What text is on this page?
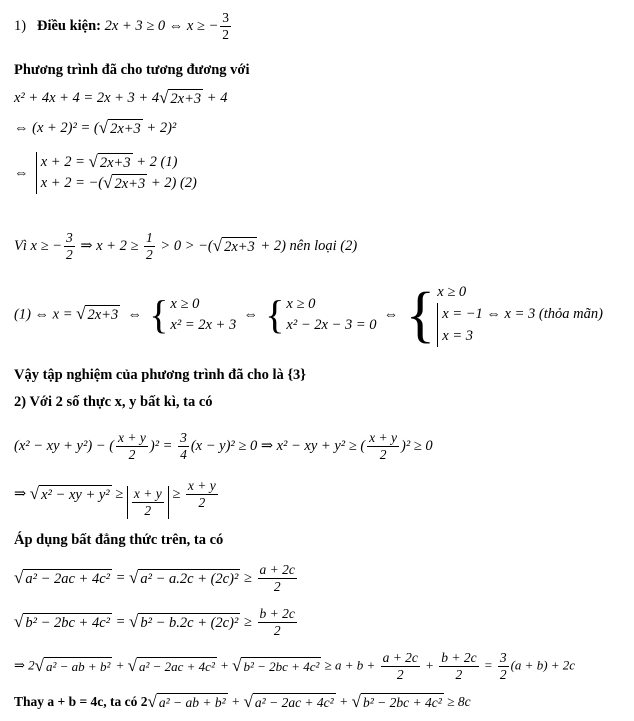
1) Điều kiện: 2x + 3 ≥ 0 ⇔ x ≥ − $\frac{3}{2}$
Phương trình đã cho tương đương với
x² + 4x + 4 = 2x + 3 + 4 √ 2x+3 + 4
⇔ (x + 2)² = ( √ 2x+3 + 2)²
⇔
x + 2 = √ 2x+3 + 2 (1)
x + 2 = −( √ 2x+3 + 2) (2)
Vì x ≥ − $\frac{3}{2}$ ⇒ $x + 2 \ge \frac{1}{2} > 0$ > −( √ 2x+3 + 2) nên loại (2)
(1) ⇔ x = √ 2x+3 ⇔ { x ≥ 0
x² = 2x + 3
⇔ { x ≥ 0
x² − 2x − 3 = 0
⇔ { x ≥ 0
x = −1 ⇔ x = 3 (thỏa mãn)
x = 3
Vậy tập nghiệm của phương trình đã cho là {3}
2) Với 2 số thực x, y bất kì, ta có
(x² − xy + y²) − ( $\frac{x + y}{2} )^2 = \frac{3}{4} (x - y)^2 \ge 0$ ⇒ x² − xy + y² ≥ ( $\frac{x + y}{2} )^2 \ge 0$
⇒ √ x² − xy + $y^2 \ge \frac{x + y}{2} \ge \frac{x + y}{2}$
Áp dụng bất đẳng thức trên, ta có
√ a² − 2ac + 4c² = √ $a^2 - a.2c + (2c)^2 \ge \frac{a + 2c}{2}$
√ b² − 2bc + 4c² = √ $b^2 - b.2c + (2c)^2 \ge \frac{b + 2c}{2}$
⇒ 2 √ a² − ab + b² + √ a² − 2ac + 4c² + √ $b^2 - 2bc + 4c^2 \ge a + b + \frac{a + 2c}{2} + \frac{b + 2c}{2} = \frac{3}{2} (a + b) + 2c$
Thay a + b = 4c, ta có 2 √ a² − ab + b² + √ a² − 2ac + 4c² + √ b² − 2bc + 4c² ≥ 8c
